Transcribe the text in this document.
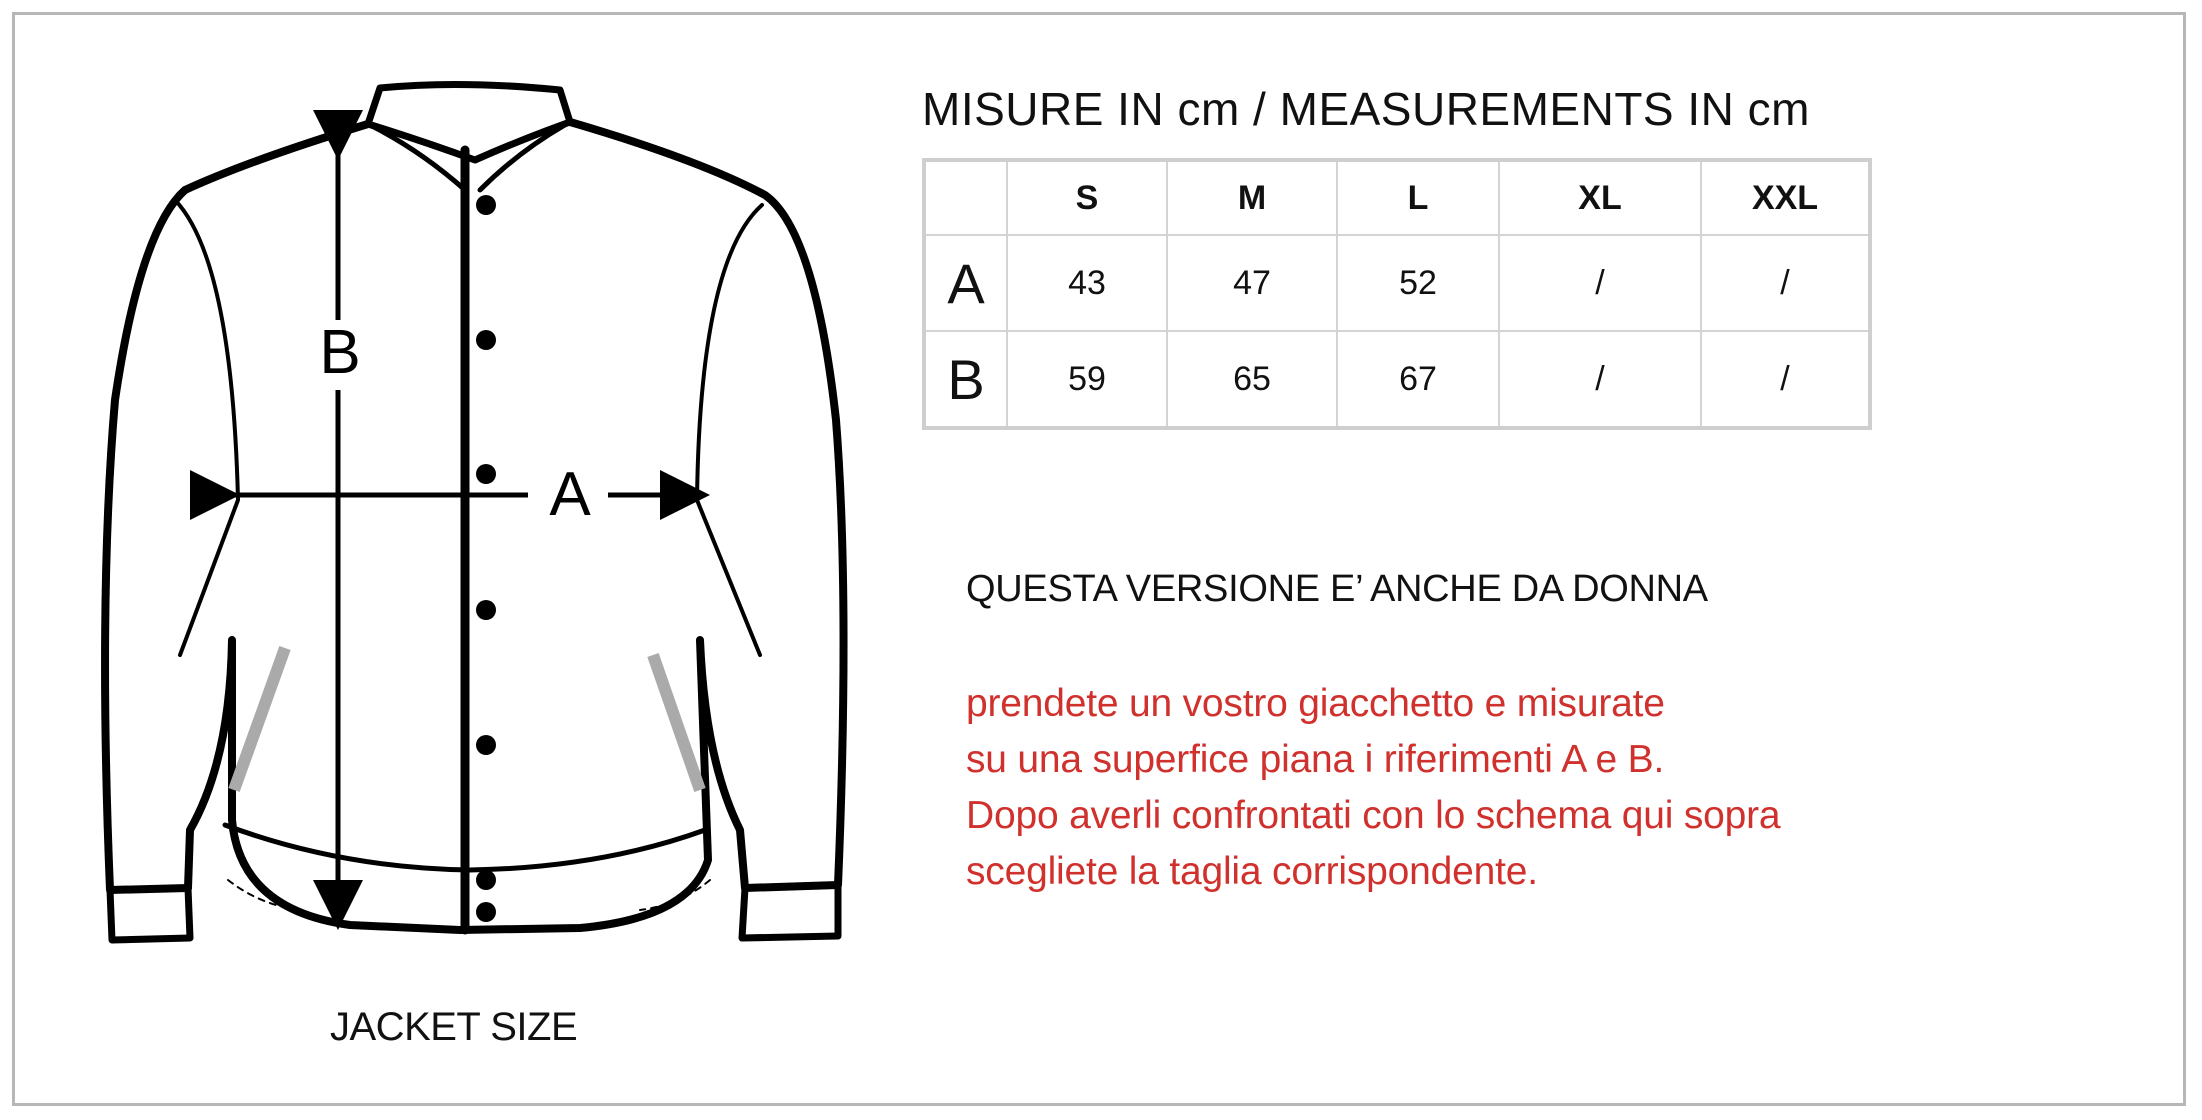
B
A
JACKET SIZE
MISURE IN cm / MEASUREMENTS IN cm
	S	M	L	XL	XXL
A	43	47	52	/	/
B	59	65	67	/	/
QUESTA VERSIONE E’ ANCHE DA DONNA
prendete un vostro giacchetto e misurate
su una superfice piana i riferimenti A e B.
Dopo averli confrontati con lo schema qui sopra
scegliete la taglia corrispondente.
